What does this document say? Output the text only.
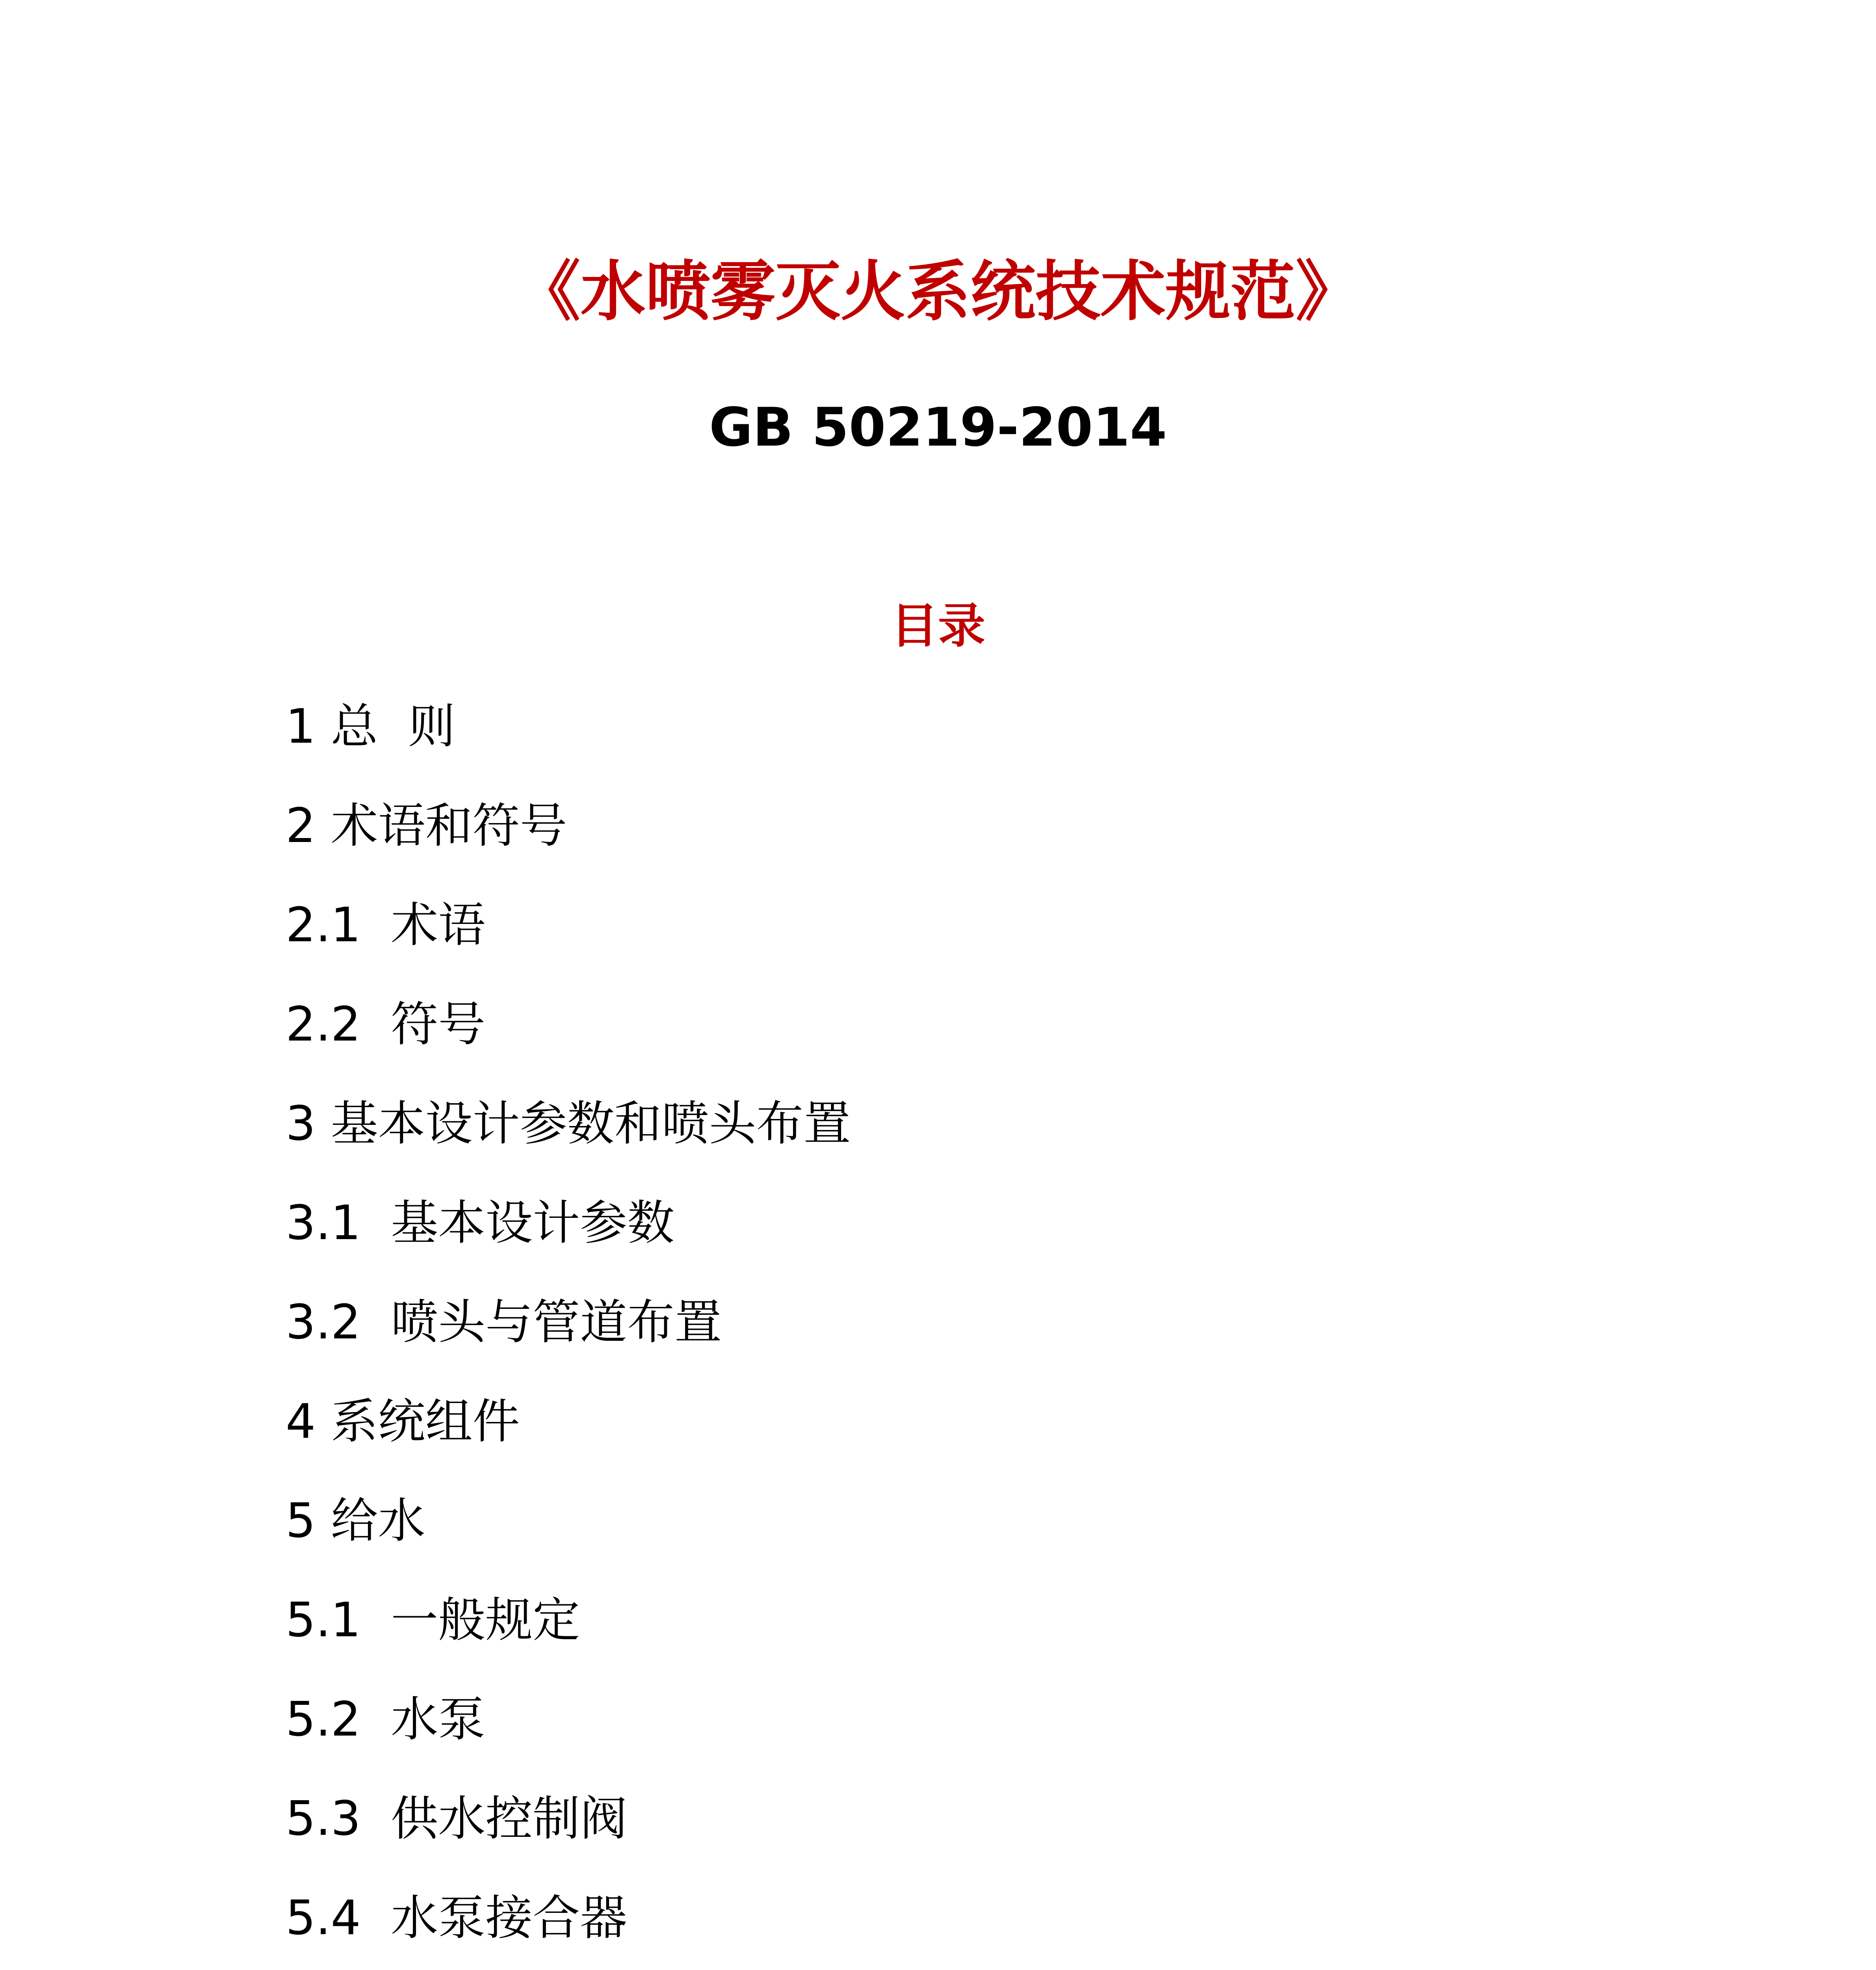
《水喷雾灭火系统技术规范》
GB 50219-2014
目录
1 总  则
2 术语和符号
2.1  术语
2.2  符号
3 基本设计参数和喷头布置
3.1  基本设计参数
3.2  喷头与管道布置
4 系统组件
5 给水
5.1  一般规定
5.2  水泵
5.3  供水控制阀
5.4  水泵接合器
